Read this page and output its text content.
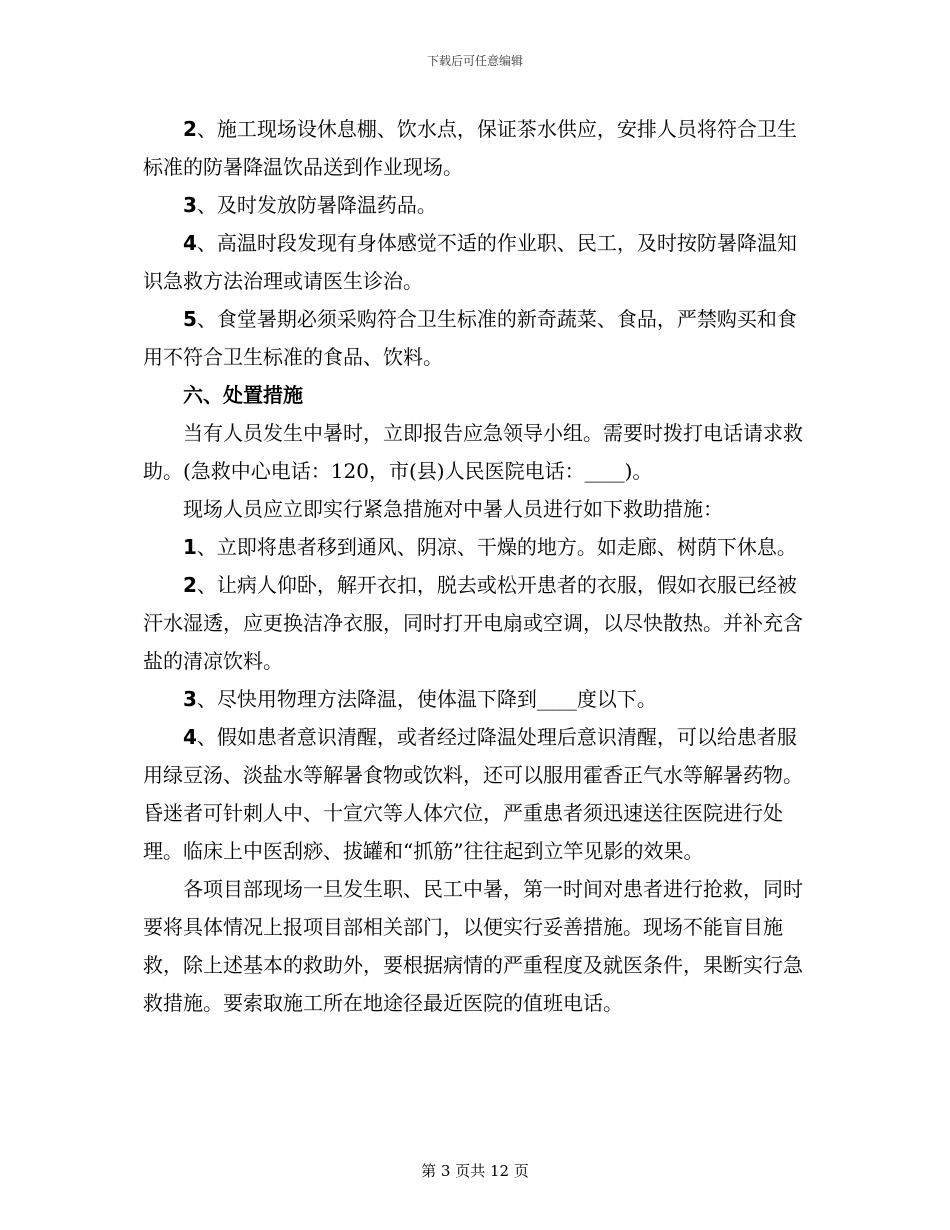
下载后可任意编辑

2、施工现场设休息棚、饮水点，保证茶水供应，安排人员将符合卫生标准的防暑降温饮品送到作业现场。

3、及时发放防暑降温药品。

4、高温时段发现有身体感觉不适的作业职、民工，及时按防暑降温知识急救方法治理或请医生诊治。

5、食堂暑期必须采购符合卫生标准的新奇蔬菜、食品，严禁购买和食用不符合卫生标准的食品、饮料。

六、处置措施

当有人员发生中暑时，立即报告应急领导小组。需要时拨打电话请求救助。(急救中心电话：120，市(县)人民医院电话：____)。

现场人员应立即实行紧急措施对中暑人员进行如下救助措施：

1、立即将患者移到通风、阴凉、干燥的地方。如走廊、树荫下休息。

2、让病人仰卧，解开衣扣，脱去或松开患者的衣服，假如衣服已经被汗水湿透，应更换洁净衣服，同时打开电扇或空调，以尽快散热。并补充含盐的清凉饮料。

3、尽快用物理方法降温，使体温下降到____度以下。

4、假如患者意识清醒，或者经过降温处理后意识清醒，可以给患者服用绿豆汤、淡盐水等解暑食物或饮料，还可以服用霍香正气水等解暑药物。昏迷者可针刺人中、十宣穴等人体穴位，严重患者须迅速送往医院进行处理。临床上中医刮痧、拔罐和“抓筋”往往起到立竿见影的效果。

各项目部现场一旦发生职、民工中暑，第一时间对患者进行抢救，同时要将具体情况上报项目部相关部门，以便实行妥善措施。现场不能盲目施救，除上述基本的救助外，要根据病情的严重程度及就医条件，果断实行急救措施。要索取施工所在地途径最近医院的值班电话。

第 3 页共 12 页
